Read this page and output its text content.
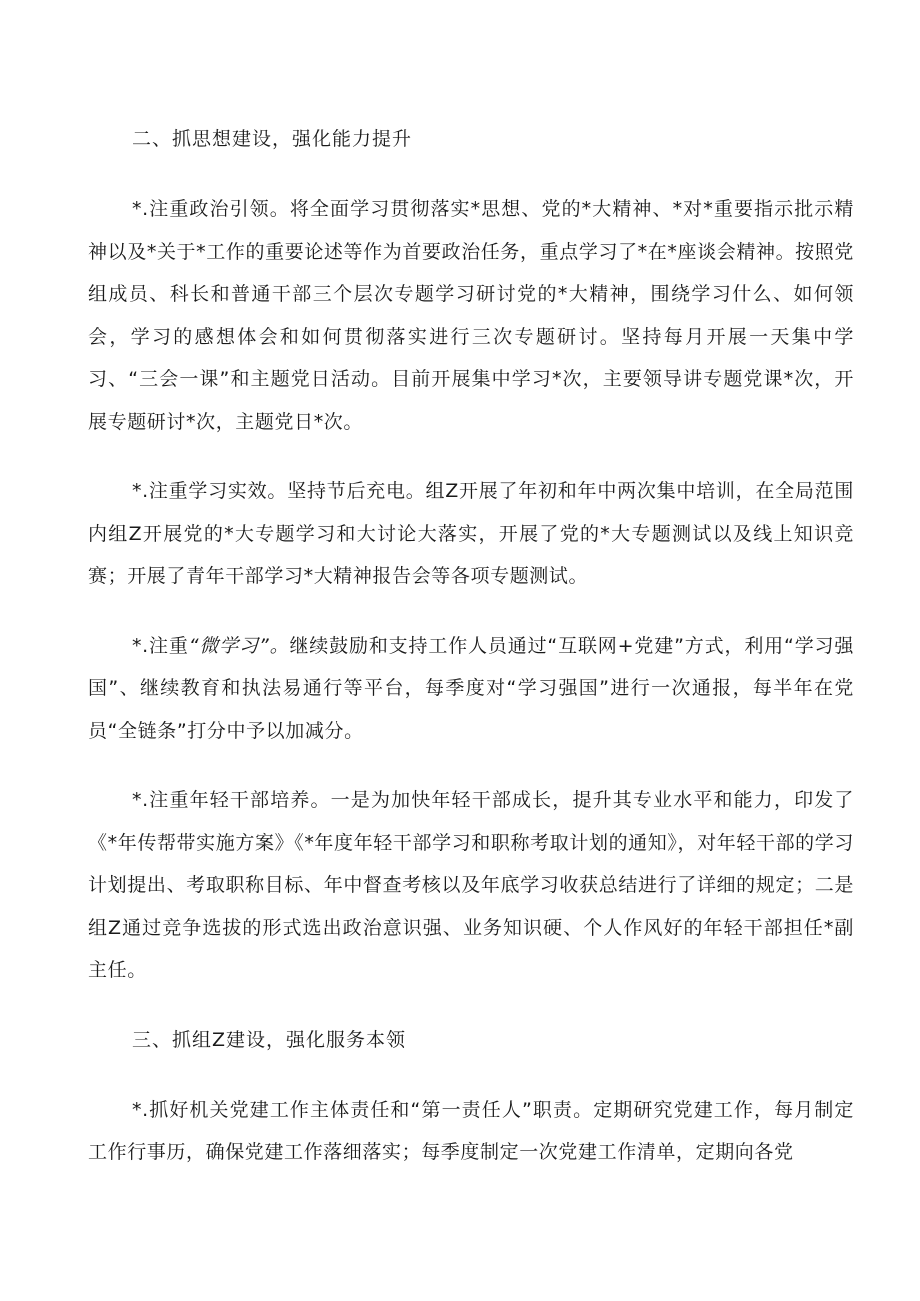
二、抓思想建设，强化能力提升

*.注重政治引领。将全面学习贯彻落实*思想、党的*大精神、*对*重要指示批示精神以及*关于*工作的重要论述等作为首要政治任务，重点学习了*在*座谈会精神。按照党组成员、科长和普通干部三个层次专题学习研讨党的*大精神，围绕学习什么、如何领会，学习的感想体会和如何贯彻落实进行三次专题研讨。坚持每月开展一天集中学习、“三会一课”和主题党日活动。目前开展集中学习*次，主要领导讲专题党课*次，开展专题研讨*次，主题党日*次。

*.注重学习实效。坚持节后充电。组Z开展了年初和年中两次集中培训，在全局范围内组Z开展党的*大专题学习和大讨论大落实，开展了党的*大专题测试以及线上知识竞赛；开展了青年干部学习*大精神报告会等各项专题测试。

*.注重“微学习”。继续鼓励和支持工作人员通过“互联网+党建”方式，利用“学习强国”、继续教育和执法易通行等平台，每季度对“学习强国”进行一次通报，每半年在党员“全链条”打分中予以加减分。

*.注重年轻干部培养。一是为加快年轻干部成长，提升其专业水平和能力，印发了《*年传帮带实施方案》《*年度年轻干部学习和职称考取计划的通知》，对年轻干部的学习计划提出、考取职称目标、年中督查考核以及年底学习收获总结进行了详细的规定；二是组Z通过竞争选拔的形式选出政治意识强、业务知识硬、个人作风好的年轻干部担任*副主任。

三、抓组Z建设，强化服务本领

*.抓好机关党建工作主体责任和“第一责任人”职责。定期研究党建工作，每月制定工作行事历，确保党建工作落细落实；每季度制定一次党建工作清单，定期向各党
